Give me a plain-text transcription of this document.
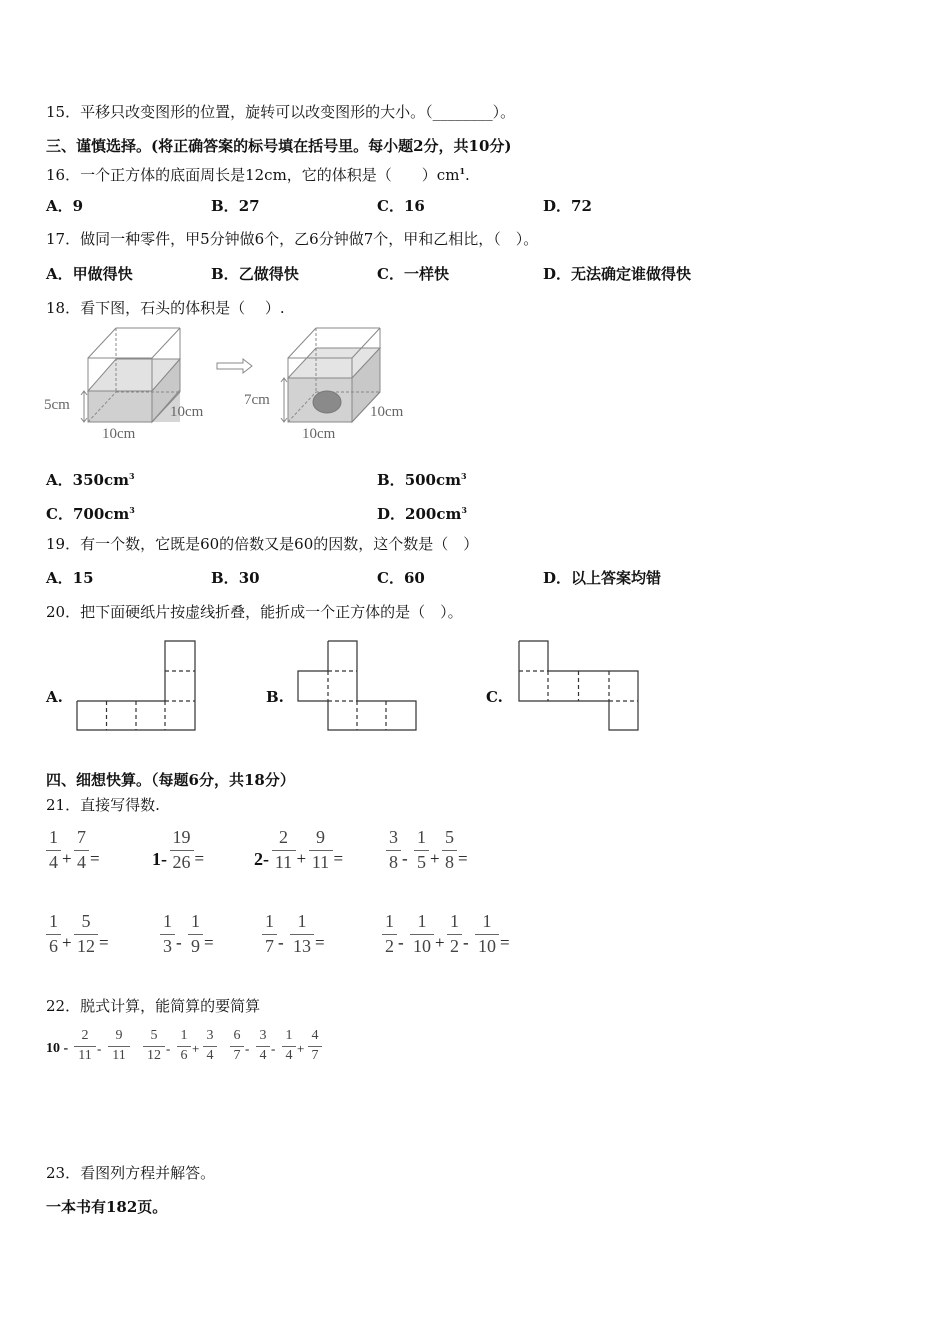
15．平移只改变图形的位置，旋转可以改变图形的大小。（________）。
三、谨慎选择。(将正确答案的标号填在括号里。每小题2分，共10分)
16．一个正方体的底面周长是12cm，它的体积是（　　）$cm^1$.
A．9	B．27	C．16	D．72
17．做同一种零件，甲5分钟做6个，乙6分钟做7个，甲和乙相比，（　）。
A．甲做得快	B．乙做得快	C．一样快	D．无法确定谁做得快
18．看下图，石头的体积是（　 ）.
5cm
10cm
10cm
7cm
10cm
10cm
A．$350cm^3$	B．$500cm^3$
C．$700cm^3$	D．$200cm^3$
19．有一个数，它既是60的倍数又是60的因数，这个数是（　）
A．15	B．30	C．60	D．以上答案均错
20．把下面硬纸片按虚线折叠，能折成一个正方体的是（　）。
A.	B.	C.
四、细想快算。（每题6分，共18分）
21．直接写得数.
1
4 +
7
4 =	1-
19
26 =	2-
2
11 +
9
11 =
3
8 -
1
5 +
5
8 =
1
6 +
5
12 =
1
3 -
1
9 =
1
7 -
1
13 =
1
2 -
1
10 +
1
2 -
1
10 =
22．脱式计算，能简算的要简算
10 -
2
11 -
9
11
5
12 -
1
6 +
3
4
6
7 -
3
4 -
1
4 +
4
7
23．看图列方程并解答。
一本书有182页。
